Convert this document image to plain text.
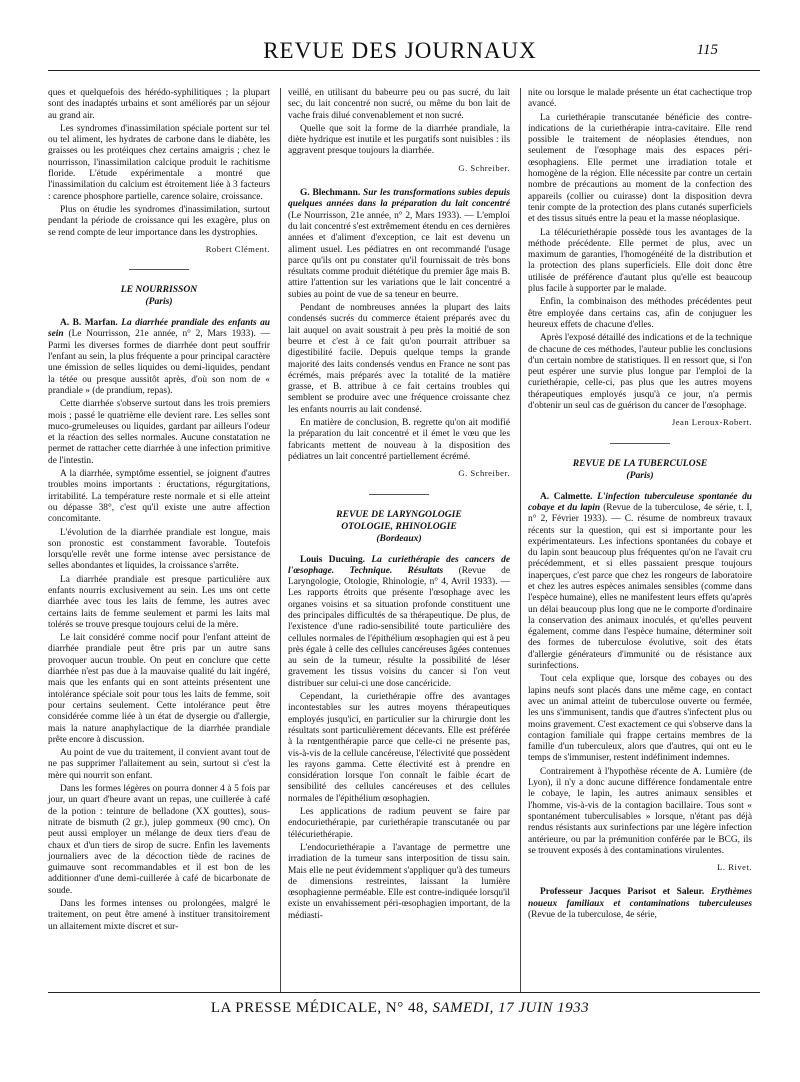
REVUE DES JOURNAUX	115

ques et quelquefois des hérédo-syphilitiques ; la plupart sont des inadaptés urbains et sont améliorés par un séjour au grand air.

Les syndromes d'inassimilation spéciale portent sur tel ou tel aliment, les hydrates de carbone dans le diabète, les graisses ou les protéiques chez certains amaigris ; chez le nourrisson, l'inassimilation calcique produit le rachitisme floride. L'étude expérimentale a montré que l'inassimilation du calcium est étroitement liée à 3 facteurs : carence phosphore partielle, carence solaire, croissance.

Plus on étudie les syndromes d'inassimilation, surtout pendant la période de croissance qui les exagère, plus on se rend compte de leur importance dans les dystrophies.

Robert Clément.

LE NOURRISSON
(Paris)

A. B. Marfan. La diarrhée prandiale des enfants au sein (Le Nourrisson, 21e année, n° 2, Mars 1933). — Parmi les diverses formes de diarrhée dont peut souffrir l'enfant au sein, la plus fréquente a pour principal caractère une émission de selles liquides ou demi-liquides, pendant la tétée ou presque aussitôt après, d'où son nom de « prandiale » (de prandium, repas).

Cette diarrhée s'observe surtout dans les trois premiers mois ; passé le quatrième elle devient rare. Les selles sont muco-grumeleuses ou liquides, gardant par ailleurs l'odeur et la réaction des selles normales. Aucune constatation ne permet de rattacher cette diarrhée à une infection primitive de l'intestin.

A la diarrhée, symptôme essentiel, se joignent d'autres troubles moins importants : éructations, régurgitations, irritabilité. La température reste normale et si elle atteint ou dépasse 38°, c'est qu'il existe une autre affection concomitante.

L'évolution de la diarrhée prandiale est longue, mais son pronostic est constamment favorable. Toutefois lorsqu'elle revêt une forme intense avec persistance de selles abondantes et liquides, la croissance s'arrête.

La diarrhée prandiale est presque particulière aux enfants nourris exclusivement au sein. Les uns ont cette diarrhée avec tous les laits de femme, les autres avec certains laits de femme seulement et parmi les laits mal tolérés se trouve presque toujours celui de la mère.

Le lait considéré comme nocif pour l'enfant atteint de diarrhée prandiale peut être pris par un autre sans provoquer aucun trouble. On peut en conclure que cette diarrhée n'est pas due à la mauvaise qualité du lait ingéré, mais que les enfants qui en sont atteints présentent une intolérance spéciale soit pour tous les laits de femme, soit pour certains seulement. Cette intolérance peut être considérée comme liée à un état de dysergie ou d'allergie, mais la nature anaphylactique de la diarrhée prandiale prête encore à discussion.

Au point de vue du traitement, il convient avant tout de ne pas supprimer l'allaitement au sein, surtout si c'est la mère qui nourrit son enfant.

Dans les formes légères on pourra donner 4 à 5 fois par jour, un quart d'heure avant un repas, une cuillerée à café de la potion : teinture de belladone (XX gouttes), sous-nitrate de bismuth (2 gr.), julep gommeux (90 cmc). On peut aussi employer un mélange de deux tiers d'eau de chaux et d'un tiers de sirop de sucre. Enfin les lavements journaliers avec de la décoction tiède de racines de guimauve sont recommandables et il est bon de les additionner d'une demi-cuillerée à café de bicarbonate de soude.

Dans les formes intenses ou prolongées, malgré le traitement, on peut être amené à instituer transitoirement un allaitement mixte discret et sur-

veillé, en utilisant du babeurre peu ou pas sucré, du lait sec, du lait concentré non sucré, ou même du bon lait de vache frais dilué convenablement et non sucré.

Quelle que soit la forme de la diarrhée prandiale, la diète hydrique est inutile et les purgatifs sont nuisibles : ils aggravent presque toujours la diarrhée.

G. Schreiber.

G. Blechmann. Sur les transformations subies depuis quelques années dans la préparation du lait concentré (Le Nourrisson, 21e année, n° 2, Mars 1933). — L'emploi du lait concentré s'est extrêmement étendu en ces dernières années et d'aliment d'exception, ce lait est devenu un aliment usuel. Les pédiatres en ont recommandé l'usage parce qu'ils ont pu constater qu'il fournissait de très bons résultats comme produit diététique du premier âge mais B. attire l'attention sur les variations que le lait concentré a subies au point de vue de sa teneur en beurre.

Pendant de nombreuses années la plupart des laits condensés sucrés du commerce étaient préparés avec du lait auquel on avait soustrait à peu près la moitié de son beurre et c'est à ce fait qu'on pourrait attribuer sa digestibilité facile. Depuis quelque temps la grande majorité des laits condensés vendus en France ne sont pas écrémés, mais préparés avec la totalité de la matière grasse, et B. attribue à ce fait certains troubles qui semblent se produire avec une fréquence croissante chez les enfants nourris au lait condensé.

En matière de conclusion, B. regrette qu'on ait modifié la préparation du lait concentré et il émet le vœu que les fabricants mettent de nouveau à la disposition des pédiatres un lait concentré partiellement écrémé.

G. Schreiber.

REVUE DE LARYNGOLOGIE
OTOLOGIE, RHINOLOGIE
(Bordeaux)

Louis Ducuing. La curiethérapie des cancers de l'œsophage. Technique. Résultats (Revue de Laryngologie, Otologie, Rhinologie, n° 4, Avril 1933). — Les rapports étroits que présente l'œsophage avec les organes voisins et sa situation profonde constituent une des principales difficultés de sa thérapeutique. De plus, de l'existence d'une radio-sensibilité toute particulière des cellules normales de l'épithélium œsophagien qui est à peu près égale à celle des cellules cancéreuses âgées contenues au sein de la tumeur, résulte la possibilité de léser gravement les tissus voisins du cancer si l'on veut distribuer sur celui-ci une dose cancéricide.

Cependant, la curiethérapie offre des avantages incontestables sur les autres moyens thérapeutiques employés jusqu'ici, en particulier sur la chirurgie dont les résultats sont particulièrement décevants. Elle est préférée à la rœntgenthérapie parce que celle-ci ne présente pas, vis-à-vis de la cellule cancéreuse, l'électivité que possèdent les rayons gamma. Cette électivité est à prendre en considération lorsque l'on connaît le faible écart de sensibilité des cellules cancéreuses et des cellules normales de l'épithélium œsophagien.

Les applications de radium peuvent se faire par endocuriethérapie, par curiethérapie transcutanée ou par télécuriethérapie.

L'endocuriethérapie a l'avantage de permettre une irradiation de la tumeur sans interposition de tissu sain. Mais elle ne peut évidemment s'appliquer qu'à des tumeurs de dimensions restreintes, laissant la lumière œsophagienne perméable. Elle est contre-indiquée lorsqu'il existe un envahissement péri-œsophagien important, de la médiasti-

nite ou lorsque le malade présente un état cachectique trop avancé.

La curiethérapie transcutanée bénéficie des contre-indications de la curiethérapie intra-cavitaire. Elle rend possible le traitement de néoplasies étendues, non seulement de l'œsophage mais des espaces péri-œsophagiens. Elle permet une irradiation totale et homogène de la région. Elle nécessite par contre un certain nombre de précautions au moment de la confection des appareils (collier ou cuirasse) dont la disposition devra tenir compte de la protection des plans cutanés superficiels et des tissus situés entre la peau et la masse néoplasique.

La télécuriethérapie possède tous les avantages de la méthode précédente. Elle permet de plus, avec un maximum de garanties, l'homogénéité de la distribution et la protection des plans superficiels. Elle doit donc être utilisée de préférence d'autant plus qu'elle est beaucoup plus facile à supporter par le malade.

Enfin, la combinaison des méthodes précédentes peut être employée dans certains cas, afin de conjuguer les heureux effets de chacune d'elles.

Après l'exposé détaillé des indications et de la technique de chacune de ces méthodes, l'auteur publie les conclusions d'un certain nombre de statistiques. Il en ressort que, si l'on peut espérer une survie plus longue par l'emploi de la curiethérapie, celle-ci, pas plus que les autres moyens thérapeutiques employés jusqu'à ce jour, n'a permis d'obtenir un seul cas de guérison du cancer de l'œsophage.

Jean Leroux-Robert.

REVUE DE LA TUBERCULOSE
(Paris)

A. Calmette. L'infection tuberculeuse spontanée du cobaye et du lapin (Revue de la tuberculose, 4e série, t. I, n° 2, Février 1933). — C. résume de nombreux travaux récents sur la question, qui est si importante pour les expérimentateurs. Les infections spontanées du cobaye et du lapin sont beaucoup plus fréquentes qu'on ne l'avait cru précédemment, et si elles passaient presque toujours inaperçues, c'est parce que chez les rongeurs de laboratoire et chez les autres espèces animales sensibles (comme dans l'espèce humaine), elles ne manifestent leurs effets qu'après un délai beaucoup plus long que ne le comporte d'ordinaire la conservation des animaux inoculés, et qu'elles peuvent également, comme dans l'espèce humaine, déterminer soit des formes de tuberculose évolutive, soit des états d'allergie générateurs d'immunité ou de résistance aux surinfections.

Tout cela explique que, lorsque des cobayes ou des lapins neufs sont placés dans une même cage, en contact avec un animal atteint de tuberculose ouverte ou fermée, les uns s'immunisent, tandis que d'autres s'infectent plus ou moins gravement. C'est exactement ce qui s'observe dans la contagion familiale qui frappe certains membres de la famille d'un tuberculeux, alors que d'autres, qui ont eu le temps de s'immuniser, restent indéfiniment indemnes.

Contrairement à l'hypothèse récente de A. Lumière (de Lyon), il n'y a donc aucune différence fondamentale entre le cobaye, le lapin, les autres animaux sensibles et l'homme, vis-à-vis de la contagion bacillaire. Tous sont « spontanément tuberculisables » lorsque, n'étant pas déjà rendus résistants aux surinfections par une légère infection antérieure, ou par la prémunition conférée par le BCG, ils se trouvent exposés à des contaminations virulentes.

L. Rivet.

Professeur Jacques Parisot et Saleur. Erythèmes noueux familiaux et contaminations tuberculeuses (Revue de la tuberculose, 4e série,

LA PRESSE MÉDICALE, N° 48, SAMEDI, 17 JUIN 1933
